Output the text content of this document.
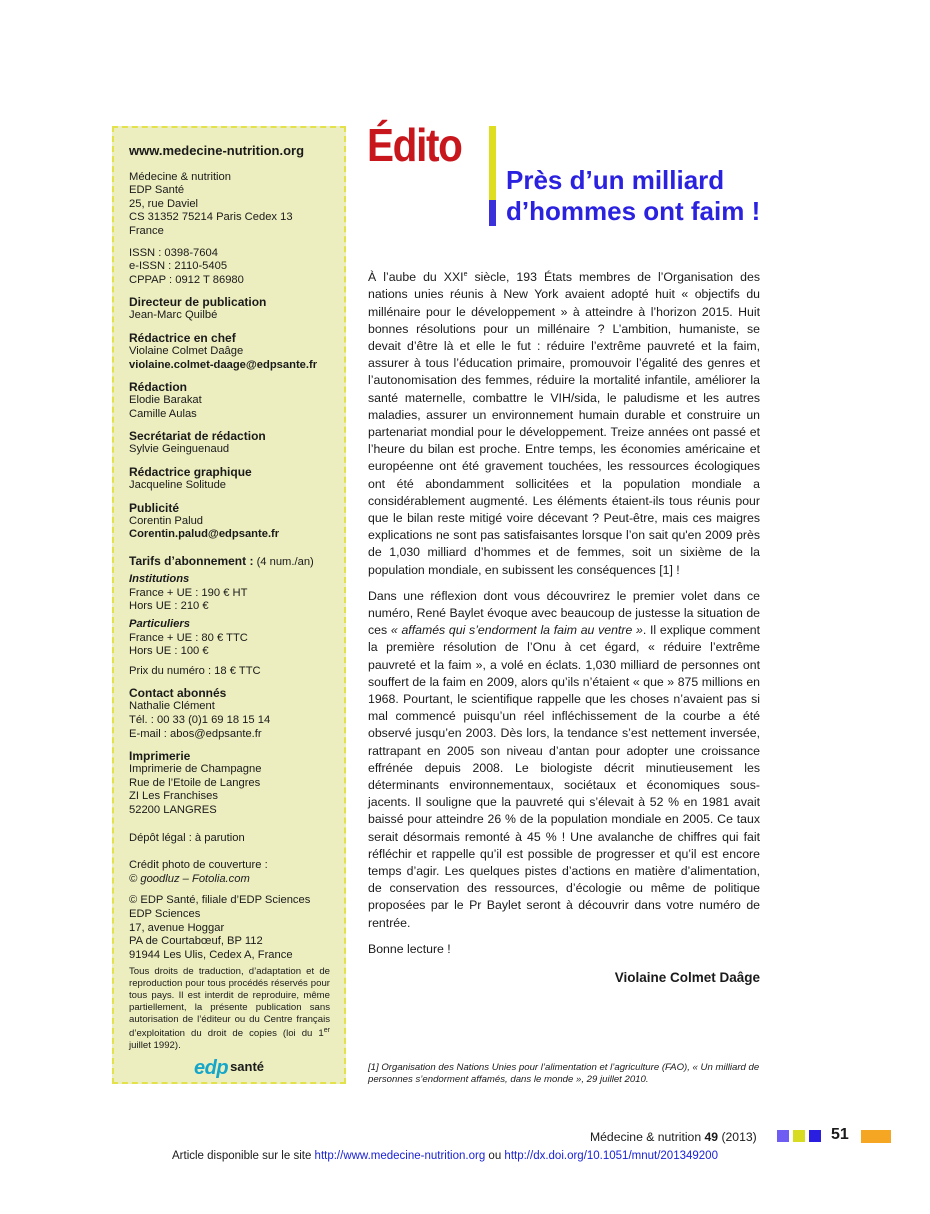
www.medecine-nutrition.org
Médecine & nutrition
EDP Santé
25, rue Daviel
CS 31352 75214 Paris Cedex 13 France
ISSN : 0398-7604
e-ISSN : 2110-5405
CPPAP : 0912 T 86980
Directeur de publication
Jean-Marc Quilbé
Rédactrice en chef
Violaine Colmet Daâge
violaine.colmet-daage@edpsante.fr
Rédaction
Elodie Barakat
Camille Aulas
Secrétariat de rédaction
Sylvie Geinguenaud
Rédactrice graphique
Jacqueline Solitude
Publicité
Corentin Palud
Corentin.palud@edpsante.fr
Tarifs d’abonnement : (4 num./an)
Institutions
France + UE : 190 € HT
Hors UE : 210 €
Particuliers
France + UE : 80 € TTC
Hors UE : 100 €
Prix du numéro : 18 € TTC
Contact abonnés
Nathalie Clément
Tél. : 00 33 (0)1 69 18 15 14
E-mail : abos@edpsante.fr
Imprimerie
Imprimerie de Champagne
Rue de l’Etoile de Langres
ZI Les Franchises
52200 LANGRES
Dépôt légal : à parution
Crédit photo de couverture :
© goodluz – Fotolia.com
© EDP Santé, filiale d’EDP Sciences
EDP Sciences
17, avenue Hoggar
PA de Courtabœuf, BP 112
91944 Les Ulis, Cedex A, France
Tous droits de traduction, d’adaptation et de reproduction pour tous procédés réservés pour tous pays. Il est interdit de reproduire, même partiellement, la présente publication sans autorisation de l’éditeur ou du Centre français d’exploitation du droit de copies (loi du 1er juillet 1992).
edp santé
Édito
Près d’un milliard
d’hommes ont faim !

À l’aube du XXIe siècle, 193 États membres de l’Organisation des nations unies réunis à New York avaient adopté huit « objectifs du millénaire pour le développement » à atteindre à l’horizon 2015. Huit bonnes résolutions pour un millénaire ? L’ambition, humaniste, se devait d’être là et elle le fut : réduire l’extrême pauvreté et la faim, assurer à tous l’éducation primaire, promouvoir l’égalité des genres et l’autonomisation des femmes, réduire la mortalité infantile, améliorer la santé maternelle, combattre le VIH/sida, le paludisme et les autres maladies, assurer un environnement humain durable et construire un partenariat mondial pour le développement. Treize années ont passé et l’heure du bilan est proche. Entre temps, les économies américaine et européenne ont été gravement touchées, les ressources écologiques ont été abondamment sollicitées et la population mondiale a considérablement augmenté. Les éléments étaient-ils tous réunis pour que le bilan reste mitigé voire décevant ? Peut-être, mais ces maigres explications ne sont pas satisfaisantes lorsque l’on sait qu'en 2009 près de 1,030 milliard d’hommes et de femmes, soit un sixième de la population mondiale, en subissent les conséquences [1] !

Dans une réflexion dont vous découvrirez le premier volet dans ce numéro, René Baylet évoque avec beaucoup de justesse la situation de ces « affamés qui s’endorment la faim au ventre ». Il explique comment la première résolution de l’Onu à cet égard, « réduire l’extrême pauvreté et la faim », a volé en éclats. 1,030 milliard de personnes ont souffert de la faim en 2009, alors qu’ils n’étaient « que » 875 millions en 1968. Pourtant, le scientifique rappelle que les choses n’avaient pas si mal commencé puisqu’un réel infléchissement de la courbe a été observé jusqu’en 2003. Dès lors, la tendance s’est nettement inversée, rattrapant en 2005 son niveau d’antan pour adopter une croissance effrénée depuis 2008. Le biologiste décrit minutieusement les déterminants environnementaux, sociétaux et économiques sous-jacents. Il souligne que la pauvreté qui s’élevait à 52 % en 1981 avait baissé pour atteindre 26 % de la population mondiale en 2005. Ce taux serait désormais remonté à 45 % ! Une avalanche de chiffres qui fait réfléchir et rappelle qu’il est possible de progresser et qu’il est encore temps d’agir. Les quelques pistes d’actions en matière d’alimentation, de conservation des ressources, d’écologie ou même de politique proposées par le Pr Baylet seront à découvrir dans votre numéro de rentrée.

Bonne lecture !

Violaine Colmet Daâge
[1] Organisation des Nations Unies pour l’alimentation et l’agriculture (FAO), « Un milliard de personnes s’endorment affamés, dans le monde », 29 juillet 2010.
Médecine & nutrition 49 (2013)	51
Article disponible sur le site http://www.medecine-nutrition.org ou http://dx.doi.org/10.1051/mnut/201349200
